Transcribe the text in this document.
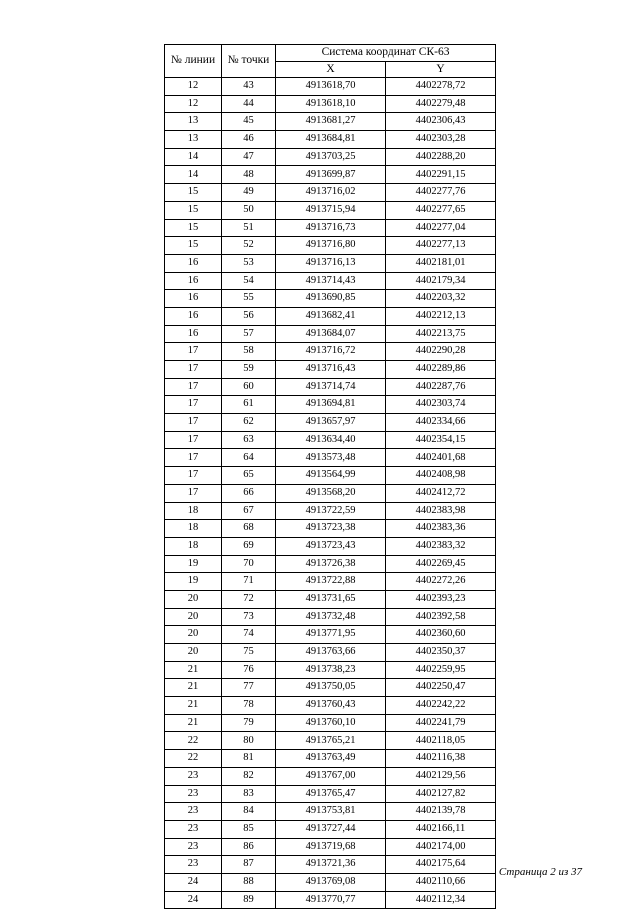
№ линии	№ точки	Система координат СК-63	
		X	Y
12	43	4913618,70	4402278,72
12	44	4913618,10	4402279,48
13	45	4913681,27	4402306,43
13	46	4913684,81	4402303,28
14	47	4913703,25	4402288,20
14	48	4913699,87	4402291,15
15	49	4913716,02	4402277,76
15	50	4913715,94	4402277,65
15	51	4913716,73	4402277,04
15	52	4913716,80	4402277,13
16	53	4913716,13	4402181,01
16	54	4913714,43	4402179,34
16	55	4913690,85	4402203,32
16	56	4913682,41	4402212,13
16	57	4913684,07	4402213,75
17	58	4913716,72	4402290,28
17	59	4913716,43	4402289,86
17	60	4913714,74	4402287,76
17	61	4913694,81	4402303,74
17	62	4913657,97	4402334,66
17	63	4913634,40	4402354,15
17	64	4913573,48	4402401,68
17	65	4913564,99	4402408,98
17	66	4913568,20	4402412,72
18	67	4913722,59	4402383,98
18	68	4913723,38	4402383,36
18	69	4913723,43	4402383,32
19	70	4913726,38	4402269,45
19	71	4913722,88	4402272,26
20	72	4913731,65	4402393,23
20	73	4913732,48	4402392,58
20	74	4913771,95	4402360,60
20	75	4913763,66	4402350,37
21	76	4913738,23	4402259,95
21	77	4913750,05	4402250,47
21	78	4913760,43	4402242,22
21	79	4913760,10	4402241,79
22	80	4913765,21	4402118,05
22	81	4913763,49	4402116,38
23	82	4913767,00	4402129,56
23	83	4913765,47	4402127,82
23	84	4913753,81	4402139,78
23	85	4913727,44	4402166,11
23	86	4913719,68	4402174,00
23	87	4913721,36	4402175,64
24	88	4913769,08	4402110,66
24	89	4913770,77	4402112,34
Страница 2 из 37
